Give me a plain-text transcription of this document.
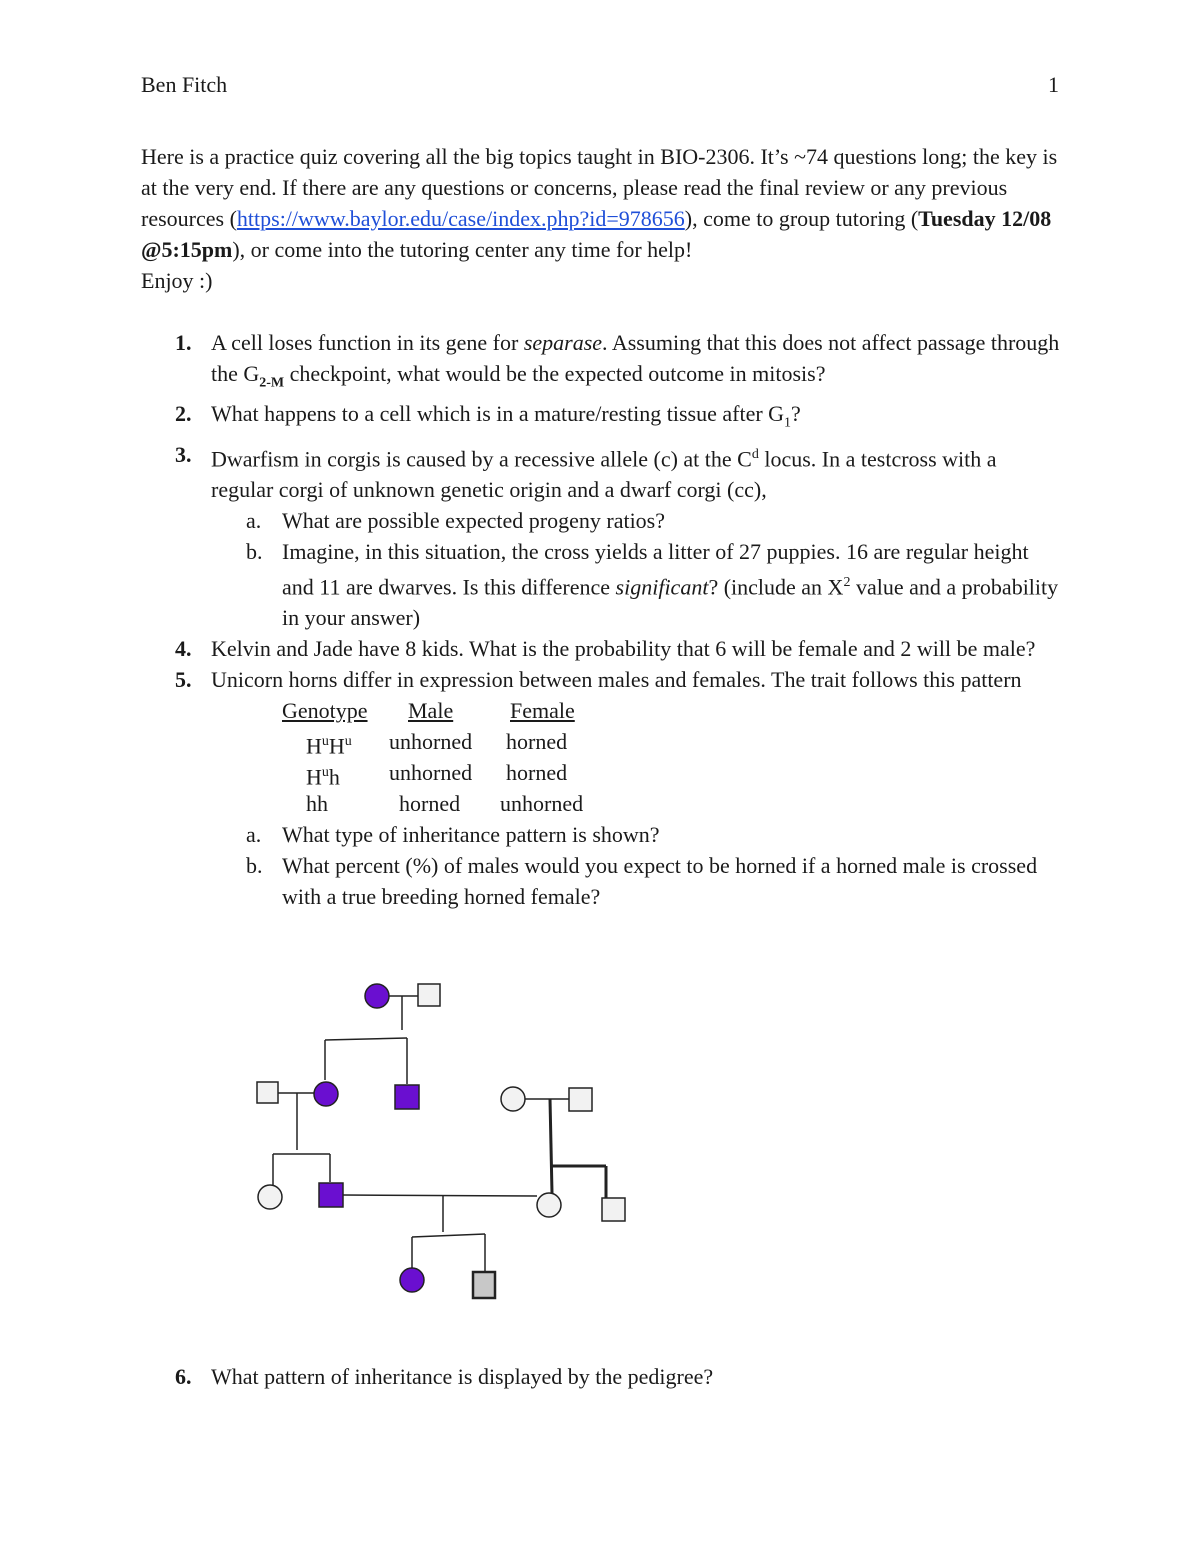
Ben Fitch	1

Here is a practice quiz covering all the big topics taught in BIO-2306. It’s ~74 questions long; the key is at the very end. If there are any questions or concerns, please read the final review or any previous resources (https://www.baylor.edu/case/index.php?id=978656), come to group tutoring (Tuesday 12/08 @5:15pm), or come into the tutoring center any time for help!

Enjoy :)

1. A cell loses function in its gene for separase. Assuming that this does not affect passage through the $G_{2-M}$ checkpoint, what would be the expected outcome in mitosis?
2. What happens to a cell which is in a mature/resting tissue after $G_1$?
3. Dwarfism in corgis is caused by a recessive allele (c) at the $C^d$ locus. In a testcross with a regular corgi of unknown genetic origin and a dwarf corgi (cc),
a. What are possible expected progeny ratios?
b. Imagine, in this situation, the cross yields a litter of 27 puppies. 16 are regular height and 11 are dwarves. Is this difference significant? (include an $X^2$ value and a probability in your answer)
4. Kelvin and Jade have 8 kids. What is the probability that 6 will be female and 2 will be male?
5. Unicorn horns differ in expression between males and females. The trait follows this pattern
Genotype Male	Female
$H^uH^u$ unhorned horned
$H^uh$ unhorned horned
hh	horned unhorned
a. What type of inheritance pattern is shown?
b. What percent (%) of males would you expect to be horned if a horned male is crossed with a true breeding horned female?
6. What pattern of inheritance is displayed by the pedigree?
